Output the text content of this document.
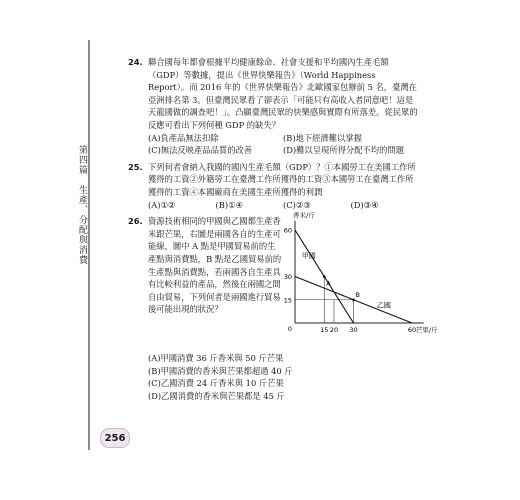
第四篇　生產、分配與消費
24. 聯合國每年都會根據平均健康餘命、社會支援和平均國內生產毛額（GDP）等數據，提出《世界快樂報告》（World Happiness Report）。而 2016 年的《世界快樂報告》北歐國家包辦前 5 名，臺灣在亞洲排名第 3。但臺灣民眾看了卻表示「可能只有高收入者同意吧！這是天龍國做的調查吧！」。凸顯臺灣民眾的快樂感與實際有所落差。從民眾的反應可看出下列何種 GDP 的缺失？
(A)負產品無法扣除	(B)地下經濟難以掌握
(C)無法反映產品品質的改善	(D)難以呈現所得分配不均的問題
25. 下列何者會納入我國的國內生產毛額（GDP）？①本國勞工在美國工作所獲得的工資②外籍勞工在臺灣工作所獲得的工資③本國勞工在臺灣工作所獲得的工資④本國廠商在美國生產所獲得的利潤
(A)①②	(B)①④	(C)②③	(D)③④
26. 資源技術相同的甲國與乙國都生產香米跟芒果，右圖是兩國各自的生產可能線，圖中 A 點是甲國貿易前的生產點與消費點，B 點是乙國貿易前的生產點與消費點，若兩國各自生產具有比較利益的產品，然後在兩國之間自由貿易，下列何者是兩國進行貿易後可能出現的狀況？
香米/斤
芒果/斤
0	15 20 30	60
60
30
15
甲國
乙國
A
B
(A)甲國消費 36 斤香米與 50 斤芒果
(B)甲國消費的香米與芒果都超過 40 斤
(C)乙國消費 24 斤香米與 10 斤芒果
(D)乙國消費的香米與芒果都是 45 斤
256
